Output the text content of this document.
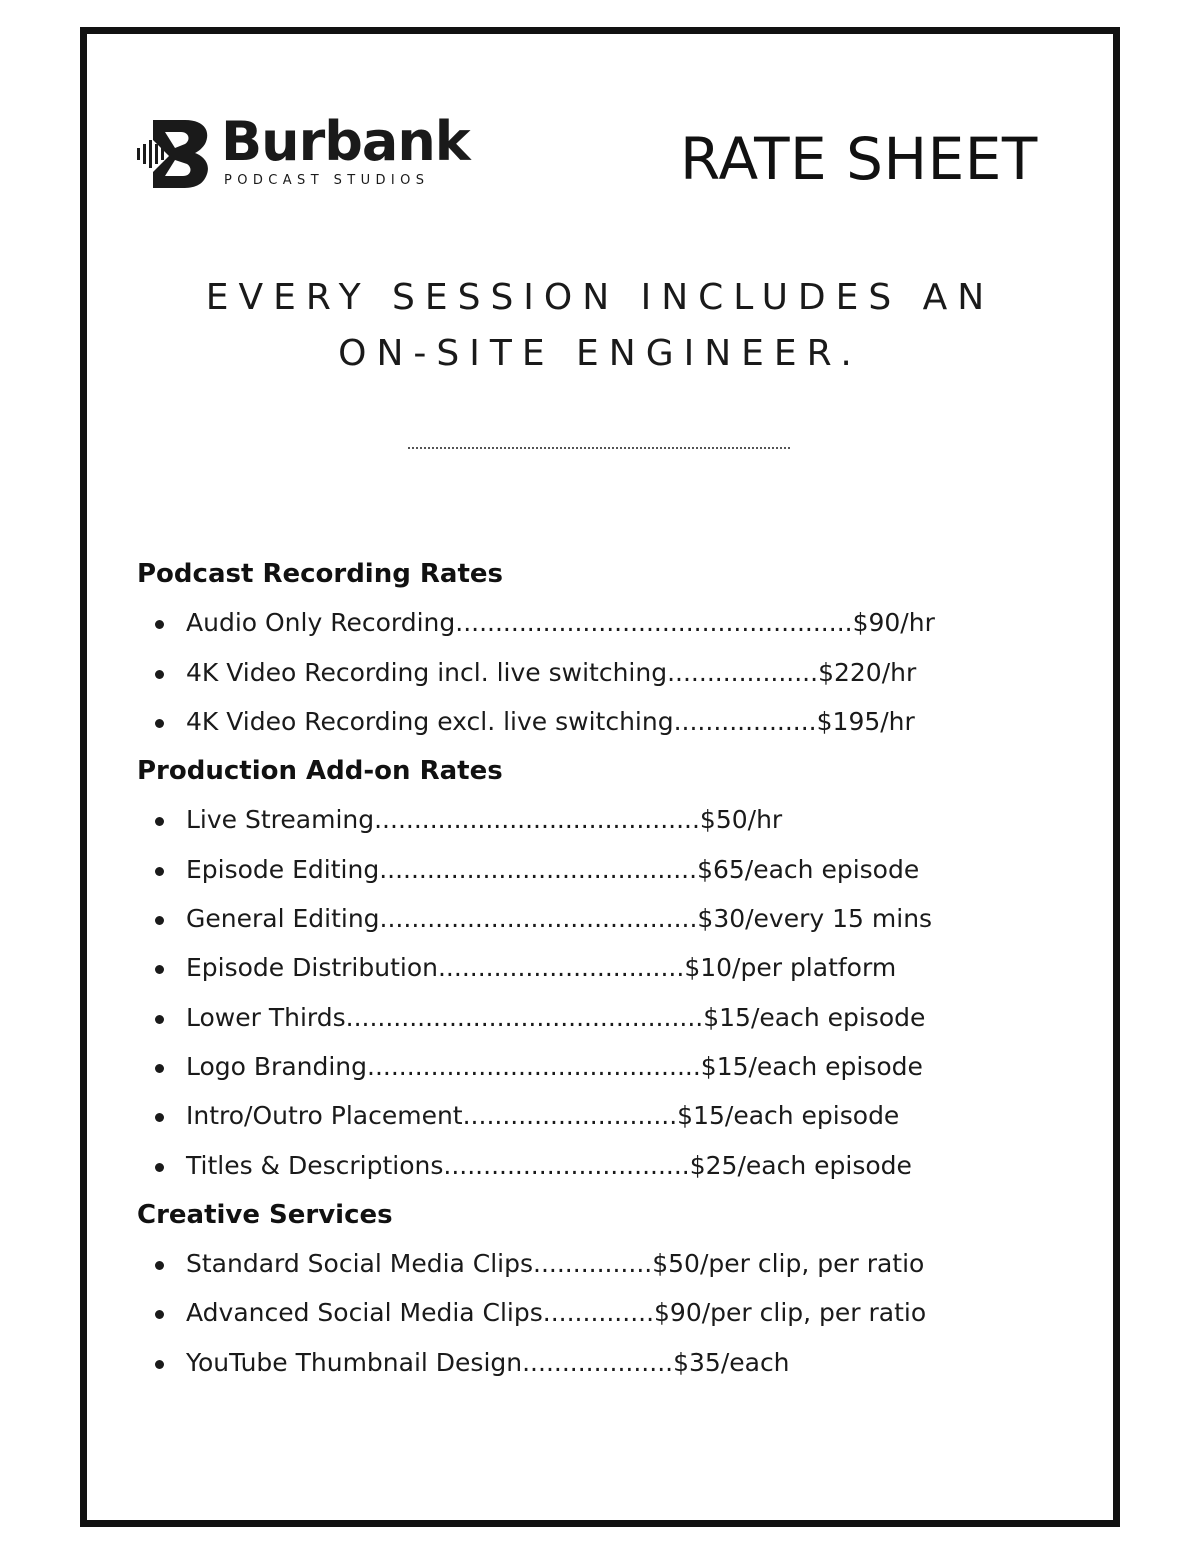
Burbank
PODCAST STUDIOS	RATE SHEET
EVERY SESSION INCLUDES AN
ON-SITE ENGINEER.
Podcast Recording Rates
Audio Only Recording..................................................$90/hr
4K Video Recording incl. live switching...................$220/hr
4K Video Recording excl. live switching..................$195/hr
Production Add-on Rates
Live Streaming.........................................$50/hr
Episode Editing........................................$65/each episode
General Editing........................................$30/every 15 mins
Episode Distribution...............................$10/per platform
Lower Thirds.............................................$15/each episode
Logo Branding..........................................$15/each episode
Intro/Outro Placement...........................$15/each episode
Titles & Descriptions...............................$25/each episode
Creative Services
Standard Social Media Clips...............$50/per clip, per ratio
Advanced Social Media Clips..............$90/per clip, per ratio
YouTube Thumbnail Design...................$35/each
